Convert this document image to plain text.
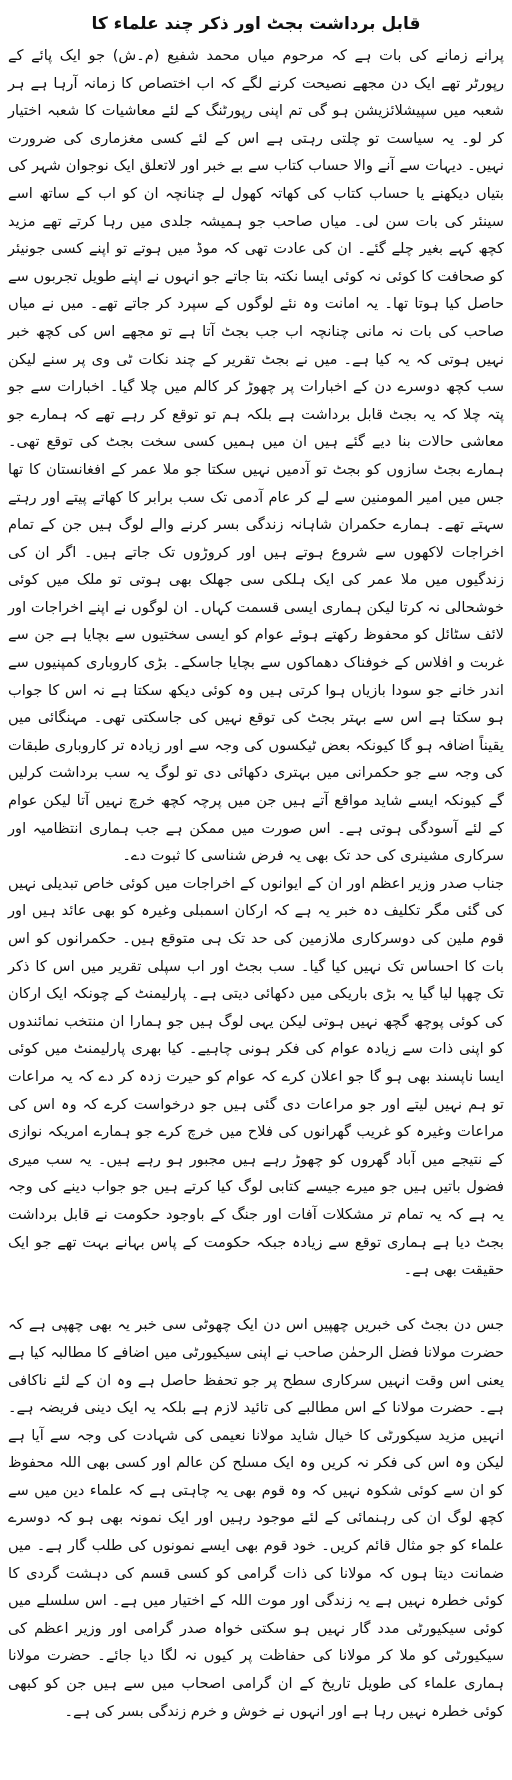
قابل برداشت بجٹ اور ذکر چند علماء کا

پرانے زمانے کی بات ہے کہ مرحوم میاں محمد شفیع (م۔ش) جو ایک پائے کے رپورٹر تھے ایک دن مجھے نصیحت کرنے لگے کہ اب اختصاص کا زمانہ آرہا ہے ہر شعبہ میں سپیشلائزیشن ہو گی تم اپنی رپورٹنگ کے لئے معاشیات کا شعبہ اختیار کر لو۔ یہ سیاست تو چلتی رہتی ہے اس کے لئے کسی مغزماری کی ضرورت نہیں۔ دیہات سے آنے والا حساب کتاب سے بے خبر اور لاتعلق ایک نوجوان شہر کی بتیاں دیکھنے یا حساب کتاب کی کھاتہ کھول لے چنانچہ ان کو اب کے ساتھ اسے سینئر کی بات سن لی۔ میاں صاحب جو ہمیشہ جلدی میں رہا کرتے تھے مزید کچھ کہے بغیر چلے گئے۔ ان کی عادت تھی کہ موڈ میں ہوتے تو اپنے کسی جونیئر کو صحافت کا کوئی نہ کوئی ایسا نکتہ بتا جاتے جو انہوں نے اپنے طویل تجربوں سے حاصل کیا ہوتا تھا۔ یہ امانت وہ نئے لوگوں کے سپرد کر جاتے تھے۔ میں نے میاں صاحب کی بات نہ مانی چنانچہ اب جب بجٹ آتا ہے تو مجھے اس کی کچھ خبر نہیں ہوتی کہ یہ کیا ہے۔ میں نے بجٹ تقریر کے چند نکات ٹی وی پر سنے لیکن سب کچھ دوسرے دن کے اخبارات پر چھوڑ کر کالم میں چلا گیا۔ اخبارات سے جو پتہ چلا کہ یہ بجٹ قابل برداشت ہے بلکہ ہم تو توقع کر رہے تھے کہ ہمارے جو معاشی حالات بنا دیے گئے ہیں ان میں ہمیں کسی سخت بجٹ کی توقع تھی۔ ہمارے بجٹ سازوں کو بجٹ تو آدمیں نہیں سکتا جو ملا عمر کے افغانستان کا تھا جس میں امیر المومنین سے لے کر عام آدمی تک سب برابر کا کھاتے پیتے اور رہتے سہتے تھے۔ ہمارے حکمران شاہانہ زندگی بسر کرنے والے لوگ ہیں جن کے تمام اخراجات لاکھوں سے شروع ہوتے ہیں اور کروڑوں تک جاتے ہیں۔ اگر ان کی زندگیوں میں ملا عمر کی ایک ہلکی سی جھلک بھی ہوتی تو ملک میں کوئی خوشحالی نہ کرتا لیکن ہماری ایسی قسمت کہاں۔ ان لوگوں نے اپنے اخراجات اور لائف سٹائل کو محفوظ رکھتے ہوئے عوام کو ایسی سختیوں سے بچایا ہے جن سے غربت و افلاس کے خوفناک دھماکوں سے بچایا جاسکے۔ بڑی کاروباری کمپنیوں سے اندر خانے جو سودا بازیاں ہوا کرتی ہیں وہ کوئی دیکھ سکتا ہے نہ اس کا جواب ہو سکتا ہے اس سے بہتر بجٹ کی توقع نہیں کی جاسکتی تھی۔ مہنگائی میں یقیناً اضافہ ہو گا کیونکہ بعض ٹیکسوں کی وجہ سے اور زیادہ تر کاروباری طبقات کی وجہ سے جو حکمرانی میں بہتری دکھائی دی تو لوگ یہ سب برداشت کرلیں گے کیونکہ ایسے شاید مواقع آتے ہیں جن میں پرچہ کچھ خرچ نہیں آتا لیکن عوام کے لئے آسودگی ہوتی ہے۔ اس صورت میں ممکن ہے جب ہماری انتظامیہ اور سرکاری مشینری کی حد تک بھی یہ فرض شناسی کا ثبوت دے۔

جناب صدر وزیر اعظم اور ان کے ایوانوں کے اخراجات میں کوئی خاص تبدیلی نہیں کی گئی مگر تکلیف دہ خبر یہ ہے کہ ارکان اسمبلی وغیرہ کو بھی عائد ہیں اور قوم ملین کی دوسرکاری ملازمین کی حد تک ہی متوقع ہیں۔ حکمرانوں کو اس بات کا احساس تک نہیں کیا گیا۔ سب بجٹ اور اب سپلی تقریر میں اس کا ذکر تک چھپا لیا گیا یہ بڑی باریکی میں دکھائی دیتی ہے۔ پارلیمنٹ کے چونکہ ایک ارکان کی کوئی پوچھ گچھ نہیں ہوتی لیکن یہی لوگ ہیں جو ہمارا ان منتخب نمائندوں کو اپنی ذات سے زیادہ عوام کی فکر ہونی چاہیے۔ کیا بھری پارلیمنٹ میں کوئی ایسا ناپسند بھی ہو گا جو اعلان کرے کہ عوام کو حیرت زدہ کر دے کہ یہ مراعات تو ہم نہیں لیتے اور جو مراعات دی گئی ہیں جو درخواست کرے کہ وہ اس کی مراعات وغیرہ کو غریب گھرانوں کی فلاح میں خرچ کرے جو ہمارے امریکہ نوازی کے نتیجے میں آباد گھروں کو چھوڑ رہے ہیں مجبور ہو رہے ہیں۔ یہ سب میری فضول باتیں ہیں جو میرے جیسے کتابی لوگ کیا کرتے ہیں جو جواب دینے کی وجہ یہ ہے کہ یہ تمام تر مشکلات آفات اور جنگ کے باوجود حکومت نے قابل برداشت بجٹ دیا ہے ہماری توقع سے زیادہ جبکہ حکومت کے پاس بہانے بہت تھے جو ایک حقیقت بھی ہے۔

جس دن بجٹ کی خبریں چھپیں اس دن ایک چھوٹی سی خبر یہ بھی چھپی ہے کہ حضرت مولانا فضل الرحمٰن صاحب نے اپنی سیکیورٹی میں اضافے کا مطالبہ کیا ہے یعنی اس وقت انہیں سرکاری سطح پر جو تحفظ حاصل ہے وہ ان کے لئے ناکافی ہے۔ حضرت مولانا کے اس مطالبے کی تائید لازم ہے بلکہ یہ ایک دینی فریضہ ہے۔ انہیں مزید سیکورٹی کا خیال شاید مولانا نعیمی کی شہادت کی وجہ سے آیا ہے لیکن وہ اس کی فکر نہ کریں وہ ایک مسلح کن عالم اور کسی بھی اللہ محفوظ کو ان سے کوئی شکوہ نہیں کہ وہ قوم بھی یہ چاہتی ہے کہ علماء دین میں سے کچھ لوگ ان کی رہنمائی کے لئے موجود رہیں اور ایک نمونہ بھی ہو کہ دوسرے علماء کو جو مثال قائم کریں۔ خود قوم بھی ایسے نمونوں کی طلب گار ہے۔ میں ضمانت دیتا ہوں کہ مولانا کی ذات گرامی کو کسی قسم کی دہشت گردی کا کوئی خطرہ نہیں ہے یہ زندگی اور موت اللہ کے اختیار میں ہے۔ اس سلسلے میں کوئی سیکیورٹی مدد گار نہیں ہو سکتی خواہ صدر گرامی اور وزیر اعظم کی سیکیورٹی کو ملا کر مولانا کی حفاظت پر کیوں نہ لگا دیا جائے۔ حضرت مولانا ہماری علماء کی طویل تاریخ کے ان گرامی اصحاب میں سے ہیں جن کو کبھی کوئی خطرہ نہیں رہا ہے اور انہوں نے خوش و خرم زندگی بسر کی ہے۔
